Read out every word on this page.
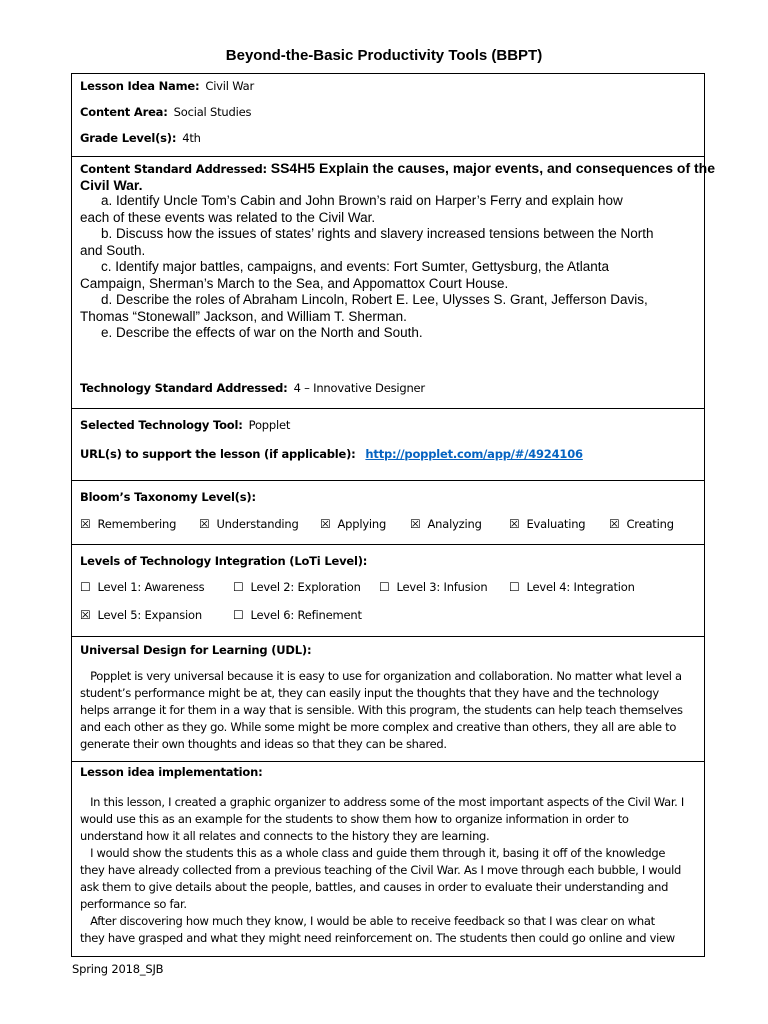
Beyond-the-Basic Productivity Tools (BBPT)
Lesson Idea Name: Civil War
Content Area: Social Studies
Grade Level(s): 4th
Content Standard Addressed: SS4H5 Explain the causes, major events, and consequences of the
Civil War.
a. Identify Uncle Tom’s Cabin and John Brown’s raid on Harper’s Ferry and explain how
each of these events was related to the Civil War.
b. Discuss how the issues of states’ rights and slavery increased tensions between the North
and South.
c. Identify major battles, campaigns, and events: Fort Sumter, Gettysburg, the Atlanta
Campaign, Sherman’s March to the Sea, and Appomattox Court House.
d. Describe the roles of Abraham Lincoln, Robert E. Lee, Ulysses S. Grant, Jefferson Davis,
Thomas “Stonewall” Jackson, and William T. Sherman.
e. Describe the effects of war on the North and South.
Technology Standard Addressed: 4 – Innovative Designer
Selected Technology Tool: Popplet
URL(s) to support the lesson (if applicable): http://popplet.com/app/#/4924106
Bloom’s Taxonomy Level(s):
☒ Remembering ☒ Understanding ☒ Applying ☒ Analyzing ☒ Evaluating ☒ Creating
Levels of Technology Integration (LoTi Level):
☐ Level 1: Awareness ☐ Level 2: Exploration ☐ Level 3: Infusion ☐ Level 4: Integration
☒ Level 5: Expansion	☐ Level 6: Refinement
Universal Design for Learning (UDL):
Popplet is very universal because it is easy to use for organization and collaboration. No matter what level a
student’s performance might be at, they can easily input the thoughts that they have and the technology
helps arrange it for them in a way that is sensible. With this program, the students can help teach themselves
and each other as they go. While some might be more complex and creative than others, they all are able to
generate their own thoughts and ideas so that they can be shared.
Lesson idea implementation:
In this lesson, I created a graphic organizer to address some of the most important aspects of the Civil War. I
would use this as an example for the students to show them how to organize information in order to
understand how it all relates and connects to the history they are learning.
I would show the students this as a whole class and guide them through it, basing it off of the knowledge
they have already collected from a previous teaching of the Civil War. As I move through each bubble, I would
ask them to give details about the people, battles, and causes in order to evaluate their understanding and
performance so far.
After discovering how much they know, I would be able to receive feedback so that I was clear on what
they have grasped and what they might need reinforcement on. The students then could go online and view
Spring 2018_SJB
